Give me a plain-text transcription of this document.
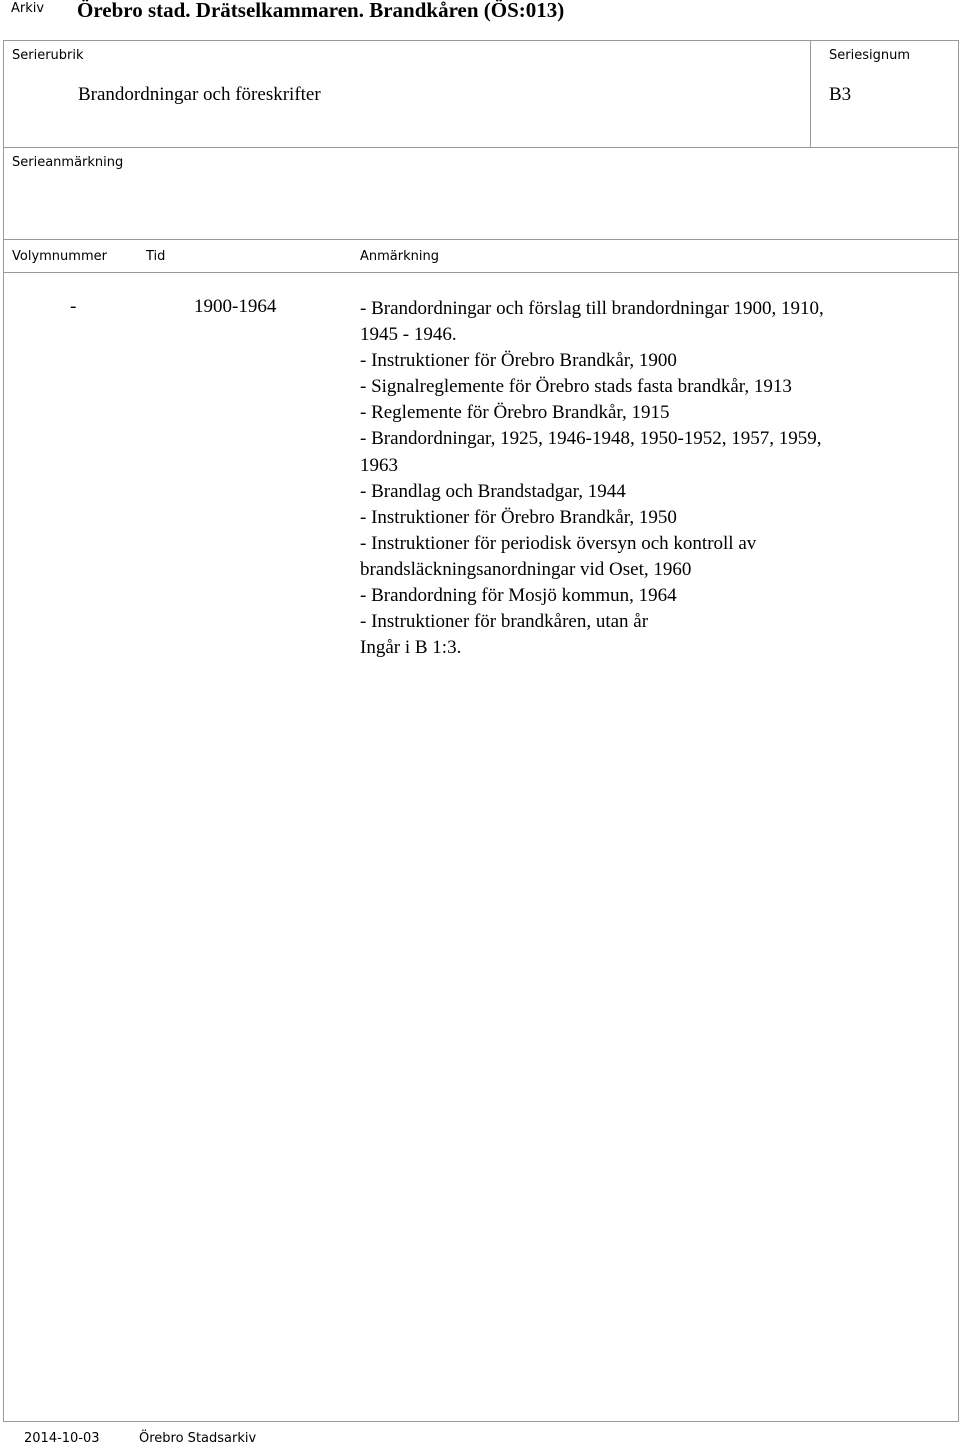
Arkiv Örebro stad. Drätselkammaren. Brandkåren (ÖS:013)
Serierubrik
Brandordningar och föreskrifter
Seriesignum
B3
Serieanmärkning
Volymnummer	Tid	Anmärkning
-	1900-1964	- Brandordningar och förslag till brandordningar 1900, 1910,
1945 - 1946.
- Instruktioner för Örebro Brandkår, 1900
- Signalreglemente för Örebro stads fasta brandkår, 1913
- Reglemente för Örebro Brandkår, 1915
- Brandordningar, 1925, 1946-1948, 1950-1952, 1957, 1959,
1963
- Brandlag och Brandstadgar, 1944
- Instruktioner för Örebro Brandkår, 1950
- Instruktioner för periodisk översyn och kontroll av
brandsläckningsanordningar vid Oset, 1960
- Brandordning för Mosjö kommun, 1964
- Instruktioner för brandkåren, utan år
Ingår i B 1:3.
2014-10-03	Örebro Stadsarkiv
